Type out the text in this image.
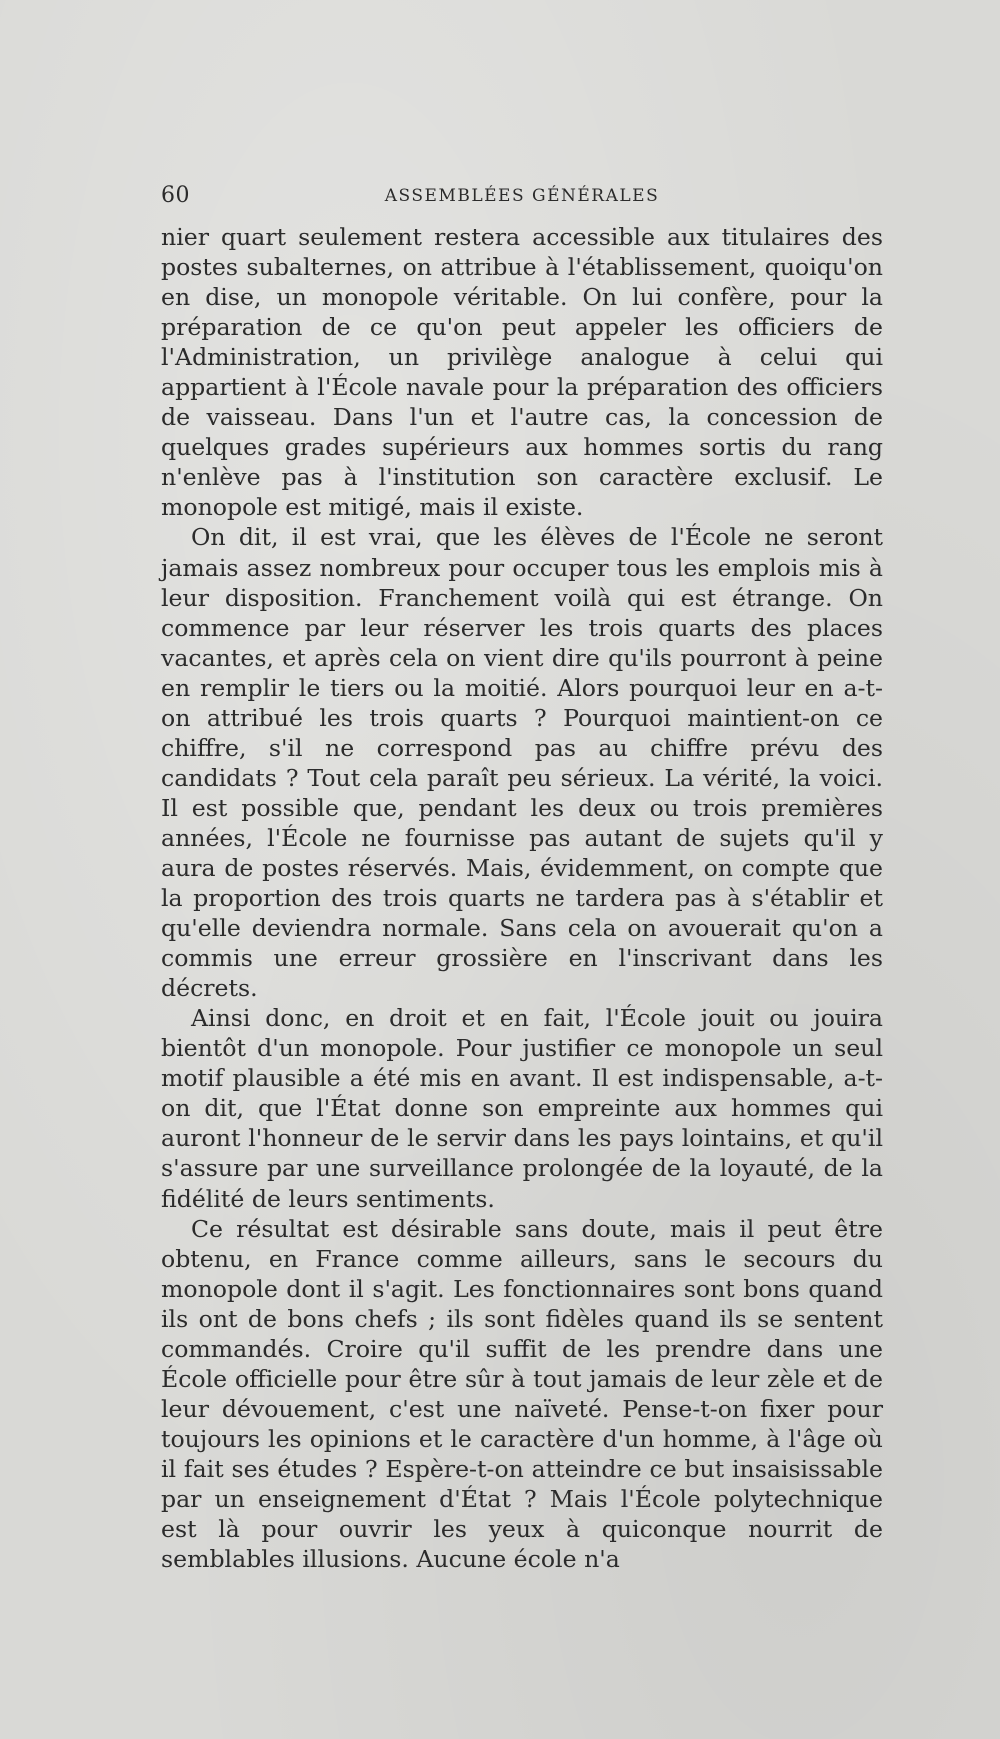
60	ASSEMBLÉES GÉNÉRALES

nier quart seulement restera accessible aux titulaires des postes subalternes, on attribue à l'établissement, quoiqu'on en dise, un monopole véritable. On lui confère, pour la préparation de ce qu'on peut appeler les officiers de l'Administration, un privilège analogue à celui qui appartient à l'École navale pour la préparation des officiers de vaisseau. Dans l'un et l'autre cas, la concession de quelques grades supérieurs aux hommes sortis du rang n'enlève pas à l'institution son caractère exclusif. Le monopole est mitigé, mais il existe.

On dit, il est vrai, que les élèves de l'École ne seront jamais assez nombreux pour occuper tous les emplois mis à leur disposition. Franchement voilà qui est étrange. On commence par leur réserver les trois quarts des places vacantes, et après cela on vient dire qu'ils pourront à peine en remplir le tiers ou la moitié. Alors pourquoi leur en a-t-on attribué les trois quarts ? Pourquoi maintient-on ce chiffre, s'il ne correspond pas au chiffre prévu des candidats ? Tout cela paraît peu sérieux. La vérité, la voici. Il est possible que, pendant les deux ou trois premières années, l'École ne fournisse pas autant de sujets qu'il y aura de postes réservés. Mais, évidemment, on compte que la proportion des trois quarts ne tardera pas à s'établir et qu'elle deviendra normale. Sans cela on avouerait qu'on a commis une erreur grossière en l'inscrivant dans les décrets.

Ainsi donc, en droit et en fait, l'École jouit ou jouira bientôt d'un monopole. Pour justifier ce monopole un seul motif plausible a été mis en avant. Il est indispensable, a-t-on dit, que l'État donne son empreinte aux hommes qui auront l'honneur de le servir dans les pays lointains, et qu'il s'assure par une surveillance prolongée de la loyauté, de la fidélité de leurs sentiments.

Ce résultat est désirable sans doute, mais il peut être obtenu, en France comme ailleurs, sans le secours du monopole dont il s'agit. Les fonctionnaires sont bons quand ils ont de bons chefs ; ils sont fidèles quand ils se sentent commandés. Croire qu'il suffit de les prendre dans une École officielle pour être sûr à tout jamais de leur zèle et de leur dévouement, c'est une naïveté. Pense-t-on fixer pour toujours les opinions et le caractère d'un homme, à l'âge où il fait ses études ? Espère-t-on atteindre ce but insaisissable par un enseignement d'État ? Mais l'École polytechnique est là pour ouvrir les yeux à quiconque nourrit de semblables illusions. Aucune école n'a
